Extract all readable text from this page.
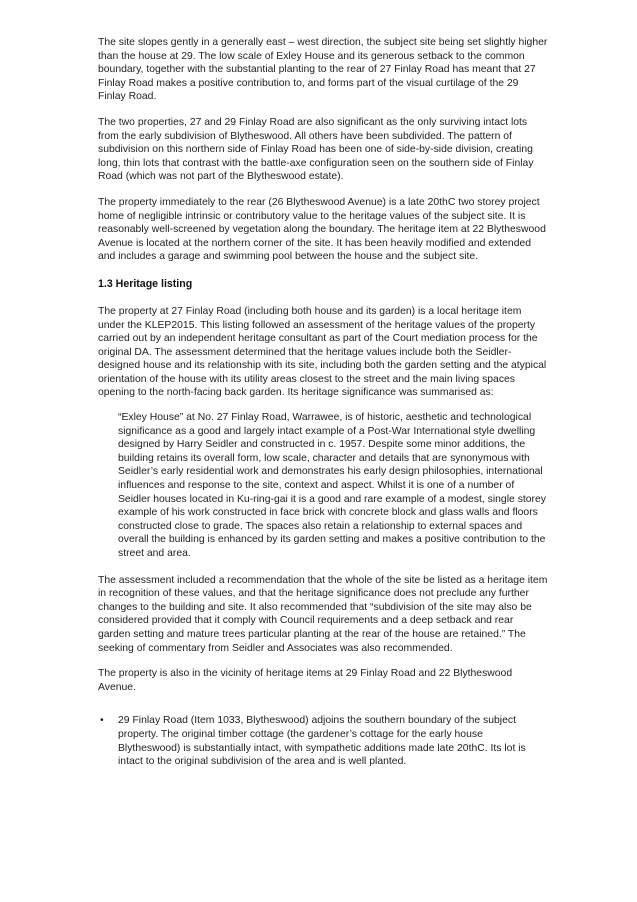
The site slopes gently in a generally east – west direction, the subject site being set slightly higher than the house at 29. The low scale of Exley House and its generous setback to the common boundary, together with the substantial planting to the rear of 27 Finlay Road has meant that 27 Finlay Road makes a positive contribution to, and forms part of the visual curtilage of the 29 Finlay Road.

The two properties, 27 and 29 Finlay Road are also significant as the only surviving intact lots from the early subdivision of Blytheswood. All others have been subdivided. The pattern of subdivision on this northern side of Finlay Road has been one of side-by-side division, creating long, thin lots that contrast with the battle-axe configuration seen on the southern side of Finlay Road (which was not part of the Blytheswood estate).

The property immediately to the rear (26 Blytheswood Avenue) is a late 20thC two storey project home of negligible intrinsic or contributory value to the heritage values of the subject site. It is reasonably well-screened by vegetation along the boundary. The heritage item at 22 Blytheswood Avenue is located at the northern corner of the site. It has been heavily modified and extended and includes a garage and swimming pool between the house and the subject site.

1.3 Heritage listing

The property at 27 Finlay Road (including both house and its garden) is a local heritage item under the KLEP2015. This listing followed an assessment of the heritage values of the property carried out by an independent heritage consultant as part of the Court mediation process for the original DA. The assessment determined that the heritage values include both the Seidler-designed house and its relationship with its site, including both the garden setting and the atypical orientation of the house with its utility areas closest to the street and the main living spaces opening to the north-facing back garden. Its heritage significance was summarised as:

“Exley House” at No. 27 Finlay Road, Warrawee, is of historic, aesthetic and technological significance as a good and largely intact example of a Post-War International style dwelling designed by Harry Seidler and constructed in c. 1957. Despite some minor additions, the building retains its overall form, low scale, character and details that are synonymous with Seidler’s early residential work and demonstrates his early design philosophies, international influences and response to the site, context and aspect. Whilst it is one of a number of Seidler houses located in Ku-ring-gai it is a good and rare example of a modest, single storey example of his work constructed in face brick with concrete block and glass walls and floors constructed close to grade. The spaces also retain a relationship to external spaces and overall the building is enhanced by its garden setting and makes a positive contribution to the street and area.

The assessment included a recommendation that the whole of the site be listed as a heritage item in recognition of these values, and that the heritage significance does not preclude any further changes to the building and site. It also recommended that “subdivision of the site may also be considered provided that it comply with Council requirements and a deep setback and rear garden setting and mature trees particular planting at the rear of the house are retained.” The seeking of commentary from Seidler and Associates was also recommended.

The property is also in the vicinity of heritage items at 29 Finlay Road and 22 Blytheswood Avenue.

• 29 Finlay Road (Item 1033, Blytheswood) adjoins the southern boundary of the subject property. The original timber cottage (the gardener’s cottage for the early house Blytheswood) is substantially intact, with sympathetic additions made late 20thC. Its lot is intact to the original subdivision of the area and is well planted.
